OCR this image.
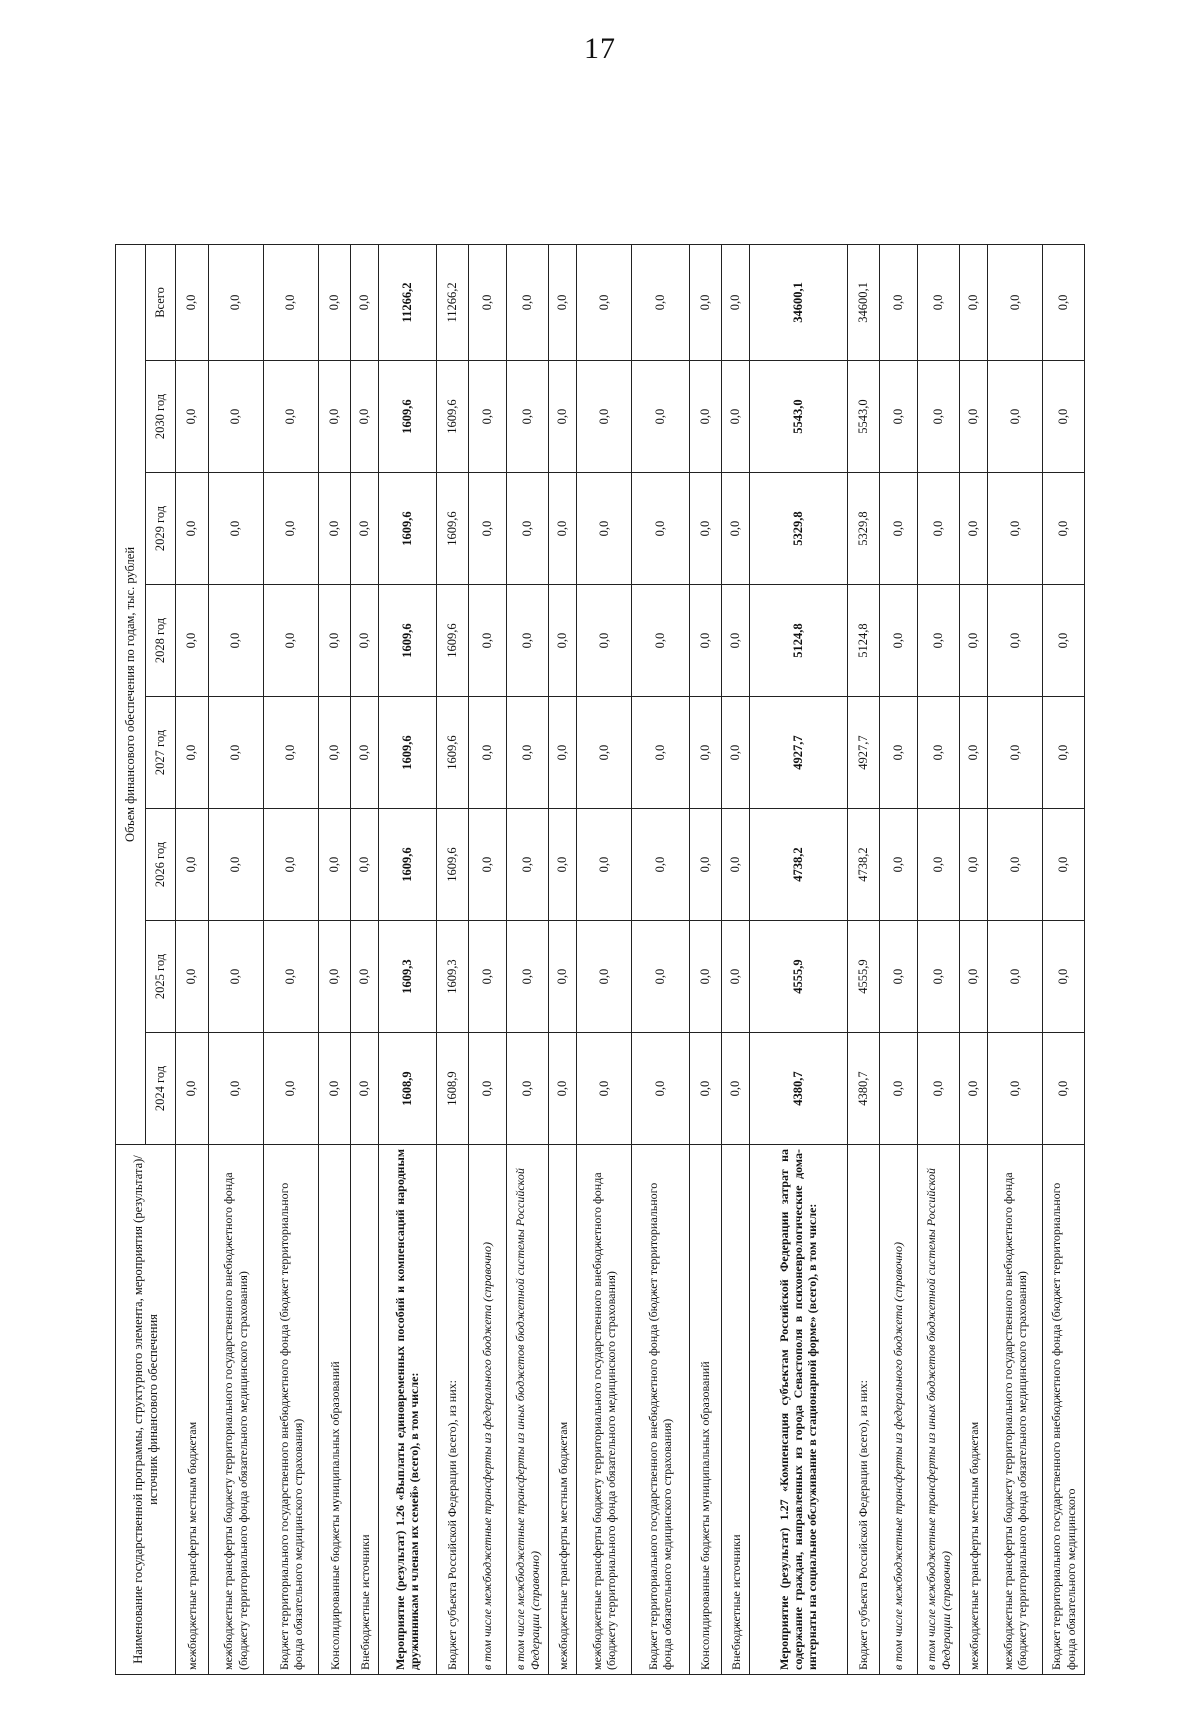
17
Наименование государственной программы, структурного элемента, мероприятия (результата)/источник финансового обеспечения	Объем финансового обеспечения по годам, тыс. рублей							
	2024 год	2025 год	2026 год	2027 год	2028 год	2029 год	2030 год	Всего
межбюджетные трансферты местным бюджетам	0,0	0,0	0,0	0,0	0,0	0,0	0,0	0,0
межбюджетные трансферты бюджету территориального государственного внебюджетного фонда (бюджету территориального фонда обязательного медицинского страхования)	0,0	0,0	0,0	0,0	0,0	0,0	0,0	0,0
Бюджет территориального государственного внебюджетного фонда (бюджет территориального фонда обязательного медицинского страхования)	0,0	0,0	0,0	0,0	0,0	0,0	0,0	0,0
Консолидированные бюджеты муниципальных образований	0,0	0,0	0,0	0,0	0,0	0,0	0,0	0,0
Внебюджетные источники	0,0	0,0	0,0	0,0	0,0	0,0	0,0	0,0
Мероприятие (результат) 1.26 «Выплаты единовременных пособий и компенсаций народным дружинникам и членам их семей» (всего), в том числе:	1608,9	1609,3	1609,6	1609,6	1609,6	1609,6	1609,6	11266,2
Бюджет субъекта Российской Федерации (всего), из них:	1608,9	1609,3	1609,6	1609,6	1609,6	1609,6	1609,6	11266,2
в том числе межбюджетные трансферты из федерального бюджета (справочно)	0,0	0,0	0,0	0,0	0,0	0,0	0,0	0,0
в том числе межбюджетные трансферты из иных бюджетов бюджетной системы Российской Федерации (справочно)	0,0	0,0	0,0	0,0	0,0	0,0	0,0	0,0
межбюджетные трансферты местным бюджетам	0,0	0,0	0,0	0,0	0,0	0,0	0,0	0,0
межбюджетные трансферты бюджету территориального государственного внебюджетного фонда (бюджету территориального фонда обязательного медицинского страхования)	0,0	0,0	0,0	0,0	0,0	0,0	0,0	0,0
Бюджет территориального государственного внебюджетного фонда (бюджет территориального фонда обязательного медицинского страхования)	0,0	0,0	0,0	0,0	0,0	0,0	0,0	0,0
Консолидированные бюджеты муниципальных образований	0,0	0,0	0,0	0,0	0,0	0,0	0,0	0,0
Внебюджетные источники	0,0	0,0	0,0	0,0	0,0	0,0	0,0	0,0
Мероприятие (результат) 1.27 «Компенсация субъектам Российской Федерации затрат на содержание граждан, направленных из города Севастополя в психоневрологические дома-интернаты на социальное обслуживание в стационарной форме» (всего), в том числе:	4380,7	4555,9	4738,2	4927,7	5124,8	5329,8	5543,0	34600,1
Бюджет субъекта Российской Федерации (всего), из них:	4380,7	4555,9	4738,2	4927,7	5124,8	5329,8	5543,0	34600,1
в том числе межбюджетные трансферты из федерального бюджета (справочно)	0,0	0,0	0,0	0,0	0,0	0,0	0,0	0,0
в том числе межбюджетные трансферты из иных бюджетов бюджетной системы Российской Федерации (справочно)	0,0	0,0	0,0	0,0	0,0	0,0	0,0	0,0
межбюджетные трансферты местным бюджетам	0,0	0,0	0,0	0,0	0,0	0,0	0,0	0,0
межбюджетные трансферты бюджету территориального государственного внебюджетного фонда (бюджету территориального фонда обязательного медицинского страхования)	0,0	0,0	0,0	0,0	0,0	0,0	0,0	0,0
Бюджет территориального государственного внебюджетного фонда (бюджет территориального фонда обязательного медицинского	0,0	0,0	0,0	0,0	0,0	0,0	0,0	0,0
